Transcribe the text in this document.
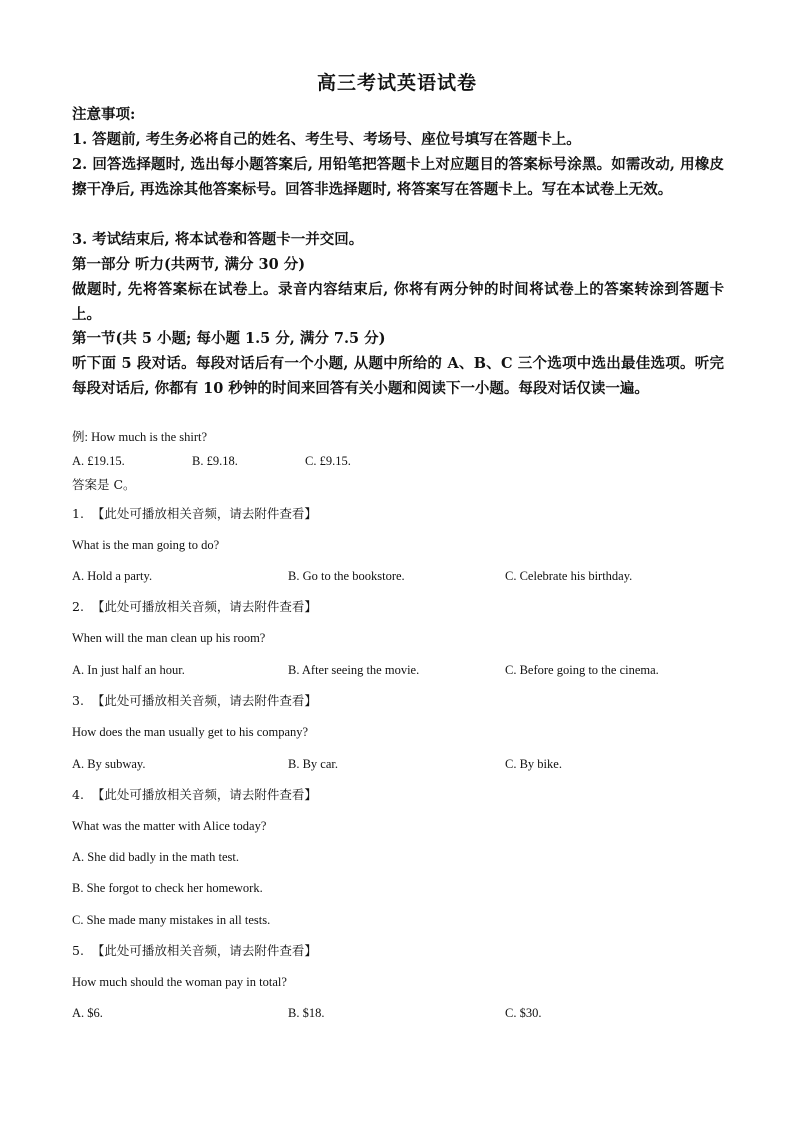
高三考试英语试卷
注意事项:
1. 答题前, 考生务必将自己的姓名、考生号、考场号、座位号填写在答题卡上。
2. 回答选择题时, 选出每小题答案后, 用铅笔把答题卡上对应题目的答案标号涂黑。如需改动, 用橡皮擦干净后, 再选涂其他答案标号。回答非选择题时, 将答案写在答题卡上。写在本试卷上无效。
3. 考试结束后, 将本试卷和答题卡一并交回。
第一部分 听力(共两节, 满分 30 分)
做题时, 先将答案标在试卷上。录音内容结束后, 你将有两分钟的时间将试卷上的答案转涂到答题卡上。
第一节(共 5 小题; 每小题 1.5 分, 满分 7.5 分)
听下面 5 段对话。每段对话后有一个小题, 从题中所给的 A、B、C 三个选项中选出最佳选项。听完每段对话后, 你都有 10 秒钟的时间来回答有关小题和阅读下一小题。每段对话仅读一遍。
例: How much is the shirt?
A. £19.15.	B. £9.18.	C. £9.15.
答案是 C。
1. 【此处可播放相关音频，请去附件查看】
What is the man going to do?
A. Hold a party.	B. Go to the bookstore.	C. Celebrate his birthday.
2. 【此处可播放相关音频，请去附件查看】
When will the man clean up his room?
A. In just half an hour.	B. After seeing the movie.	C. Before going to the cinema.
3. 【此处可播放相关音频，请去附件查看】
How does the man usually get to his company?
A. By subway.	B. By car.	C. By bike.
4. 【此处可播放相关音频，请去附件查看】
What was the matter with Alice today?
A. She did badly in the math test.
B. She forgot to check her homework.
C. She made many mistakes in all tests.
5. 【此处可播放相关音频，请去附件查看】
How much should the woman pay in total?
A. $6.	B. $18.	C. $30.
